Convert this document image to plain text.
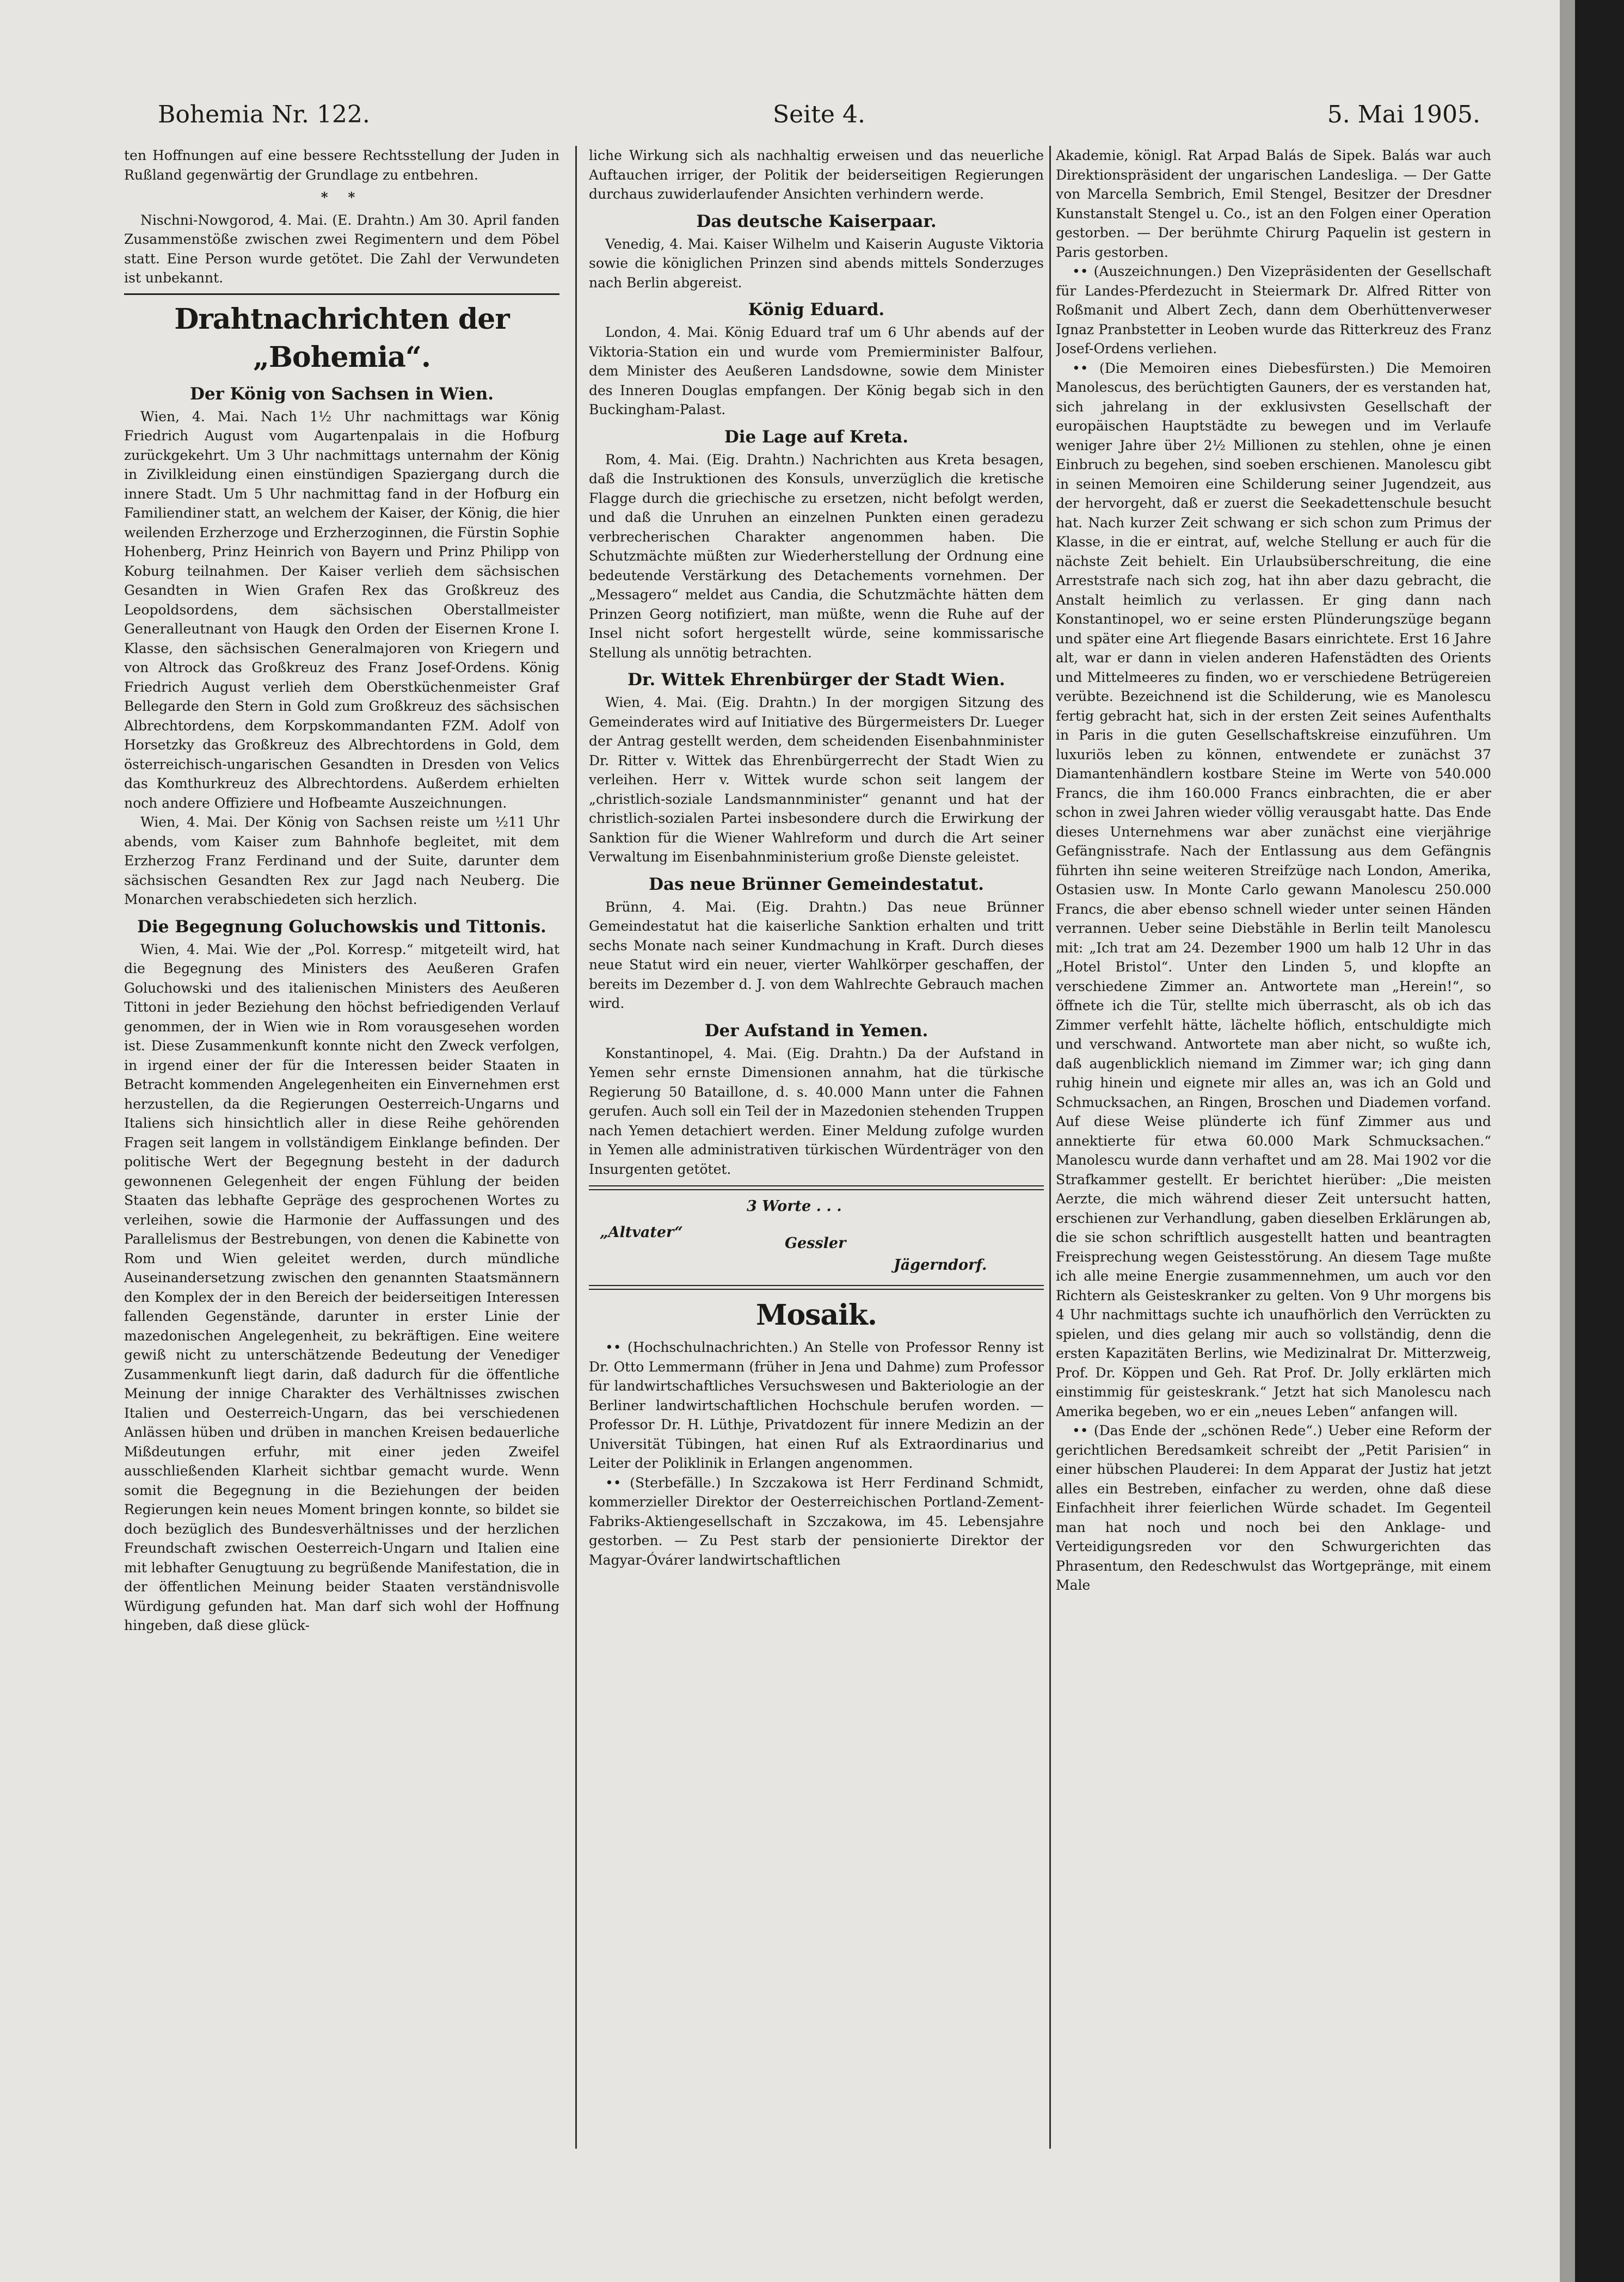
Bohemia Nr. 122.	Seite 4.	5. Mai 1905.

ten Hoffnungen auf eine bessere Rechtsstellung der Juden in Rußland gegenwärtig der Grundlage zu entbehren.

* *

Nischni-Nowgorod, 4. Mai. (E. Drahtn.) Am 30. April fanden Zusammenstöße zwischen zwei Regimentern und dem Pöbel statt. Eine Person wurde getötet. Die Zahl der Verwundeten ist unbekannt.

Drahtnachrichten der „Bohemia“.
Der König von Sachsen in Wien.

Wien, 4. Mai. Nach 1½ Uhr nachmittags war König Friedrich August vom Augartenpalais in die Hofburg zurückgekehrt. Um 3 Uhr nachmittags unternahm der König in Zivilkleidung einen einstündigen Spaziergang durch die innere Stadt. Um 5 Uhr nachmittag fand in der Hofburg ein Familiendiner statt, an welchem der Kaiser, der König, die hier weilenden Erzherzoge und Erzherzoginnen, die Fürstin Sophie Hohenberg, Prinz Heinrich von Bayern und Prinz Philipp von Koburg teilnahmen. Der Kaiser verlieh dem sächsischen Gesandten in Wien Grafen Rex das Großkreuz des Leopoldsordens, dem sächsischen Oberstallmeister Generalleutnant von Haugk den Orden der Eisernen Krone I. Klasse, den sächsischen Generalmajoren von Kriegern und von Altrock das Großkreuz des Franz Josef-Ordens. König Friedrich August verlieh dem Oberstküchenmeister Graf Bellegarde den Stern in Gold zum Großkreuz des sächsischen Albrechtordens, dem Korpskommandanten FZM. Adolf von Horsetzky das Großkreuz des Albrechtordens in Gold, dem österreichisch-ungarischen Gesandten in Dresden von Velics das Komthurkreuz des Albrechtordens. Außerdem erhielten noch andere Offiziere und Hofbeamte Auszeichnungen.

Wien, 4. Mai. Der König von Sachsen reiste um ½11 Uhr abends, vom Kaiser zum Bahnhofe begleitet, mit dem Erzherzog Franz Ferdinand und der Suite, darunter dem sächsischen Gesandten Rex zur Jagd nach Neuberg. Die Monarchen verabschiedeten sich herzlich.

Die Begegnung Goluchowskis und Tittonis.

Wien, 4. Mai. Wie der „Pol. Korresp.“ mitgeteilt wird, hat die Begegnung des Ministers des Aeußeren Grafen Goluchowski und des italienischen Ministers des Aeußeren Tittoni in jeder Beziehung den höchst befriedigenden Verlauf genommen, der in Wien wie in Rom vorausgesehen worden ist. Diese Zusammenkunft konnte nicht den Zweck verfolgen, in irgend einer der für die Interessen beider Staaten in Betracht kommenden Angelegenheiten ein Einvernehmen erst herzustellen, da die Regierungen Oesterreich-Ungarns und Italiens sich hinsichtlich aller in diese Reihe gehörenden Fragen seit langem in vollständigem Einklange befinden. Der politische Wert der Begegnung besteht in der dadurch gewonnenen Gelegenheit der engen Fühlung der beiden Staaten das lebhafte Gepräge des gesprochenen Wortes zu verleihen, sowie die Harmonie der Auffassungen und des Parallelismus der Bestrebungen, von denen die Kabinette von Rom und Wien geleitet werden, durch mündliche Auseinandersetzung zwischen den genannten Staatsmännern den Komplex der in den Bereich der beiderseitigen Interessen fallenden Gegenstände, darunter in erster Linie der mazedonischen Angelegenheit, zu bekräftigen. Eine weitere gewiß nicht zu unterschätzende Bedeutung der Venediger Zusammenkunft liegt darin, daß dadurch für die öffentliche Meinung der innige Charakter des Verhältnisses zwischen Italien und Oesterreich-Ungarn, das bei verschiedenen Anlässen hüben und drüben in manchen Kreisen bedauerliche Mißdeutungen erfuhr, mit einer jeden Zweifel ausschließenden Klarheit sichtbar gemacht wurde. Wenn somit die Begegnung in die Beziehungen der beiden Regierungen kein neues Moment bringen konnte, so bildet sie doch bezüglich des Bundesverhältnisses und der herzlichen Freundschaft zwischen Oesterreich-Ungarn und Italien eine mit lebhafter Genugtuung zu begrüßende Manifestation, die in der öffentlichen Meinung beider Staaten verständnisvolle Würdigung gefunden hat. Man darf sich wohl der Hoffnung hingeben, daß diese glück-

liche Wirkung sich als nachhaltig erweisen und das neuerliche Auftauchen irriger, der Politik der beiderseitigen Regierungen durchaus zuwiderlaufender Ansichten verhindern werde.

Das deutsche Kaiserpaar.

Venedig, 4. Mai. Kaiser Wilhelm und Kaiserin Auguste Viktoria sowie die königlichen Prinzen sind abends mittels Sonderzuges nach Berlin abgereist.

König Eduard.

London, 4. Mai. König Eduard traf um 6 Uhr abends auf der Viktoria-Station ein und wurde vom Premierminister Balfour, dem Minister des Aeußeren Landsdowne, sowie dem Minister des Inneren Douglas empfangen. Der König begab sich in den Buckingham-Palast.

Die Lage auf Kreta.

Rom, 4. Mai. (Eig. Drahtn.) Nachrichten aus Kreta besagen, daß die Instruktionen des Konsuls, unverzüglich die kretische Flagge durch die griechische zu ersetzen, nicht befolgt werden, und daß die Unruhen an einzelnen Punkten einen geradezu verbrecherischen Charakter angenommen haben. Die Schutzmächte müßten zur Wiederherstellung der Ordnung eine bedeutende Verstärkung des Detachements vornehmen. Der „Messagero“ meldet aus Candia, die Schutzmächte hätten dem Prinzen Georg notifiziert, man müßte, wenn die Ruhe auf der Insel nicht sofort hergestellt würde, seine kommissarische Stellung als unnötig betrachten.

Dr. Wittek Ehrenbürger der Stadt Wien.

Wien, 4. Mai. (Eig. Drahtn.) In der morgigen Sitzung des Gemeinderates wird auf Initiative des Bürgermeisters Dr. Lueger der Antrag gestellt werden, dem scheidenden Eisenbahnminister Dr. Ritter v. Wittek das Ehrenbürgerrecht der Stadt Wien zu verleihen. Herr v. Wittek wurde schon seit langem der „christlich-soziale Landsmannminister“ genannt und hat der christlich-sozialen Partei insbesondere durch die Erwirkung der Sanktion für die Wiener Wahlreform und durch die Art seiner Verwaltung im Eisenbahnministerium große Dienste geleistet.

Das neue Brünner Gemeindestatut.

Brünn, 4. Mai. (Eig. Drahtn.) Das neue Brünner Gemeindestatut hat die kaiserliche Sanktion erhalten und tritt sechs Monate nach seiner Kundmachung in Kraft. Durch dieses neue Statut wird ein neuer, vierter Wahlkörper geschaffen, der bereits im Dezember d. J. von dem Wahlrechte Gebrauch machen wird.

Der Aufstand in Yemen.

Konstantinopel, 4. Mai. (Eig. Drahtn.) Da der Aufstand in Yemen sehr ernste Dimensionen annahm, hat die türkische Regierung 50 Bataillone, d. s. 40.000 Mann unter die Fahnen gerufen. Auch soll ein Teil der in Mazedonien stehenden Truppen nach Yemen detachiert werden. Einer Meldung zufolge wurden in Yemen alle administrativen türkischen Würdenträger von den Insurgenten getötet.

3 Worte . . .
„Altvater“
Gessler
Jägerndorf.
Mosaik.

•• (Hochschulnachrichten.) An Stelle von Professor Renny ist Dr. Otto Lemmermann (früher in Jena und Dahme) zum Professor für landwirtschaftliches Versuchswesen und Bakteriologie an der Berliner landwirtschaftlichen Hochschule berufen worden. — Professor Dr. H. Lüthje, Privatdozent für innere Medizin an der Universität Tübingen, hat einen Ruf als Extraordinarius und Leiter der Poliklinik in Erlangen angenommen.

•• (Sterbefälle.) In Szczakowa ist Herr Ferdinand Schmidt, kommerzieller Direktor der Oesterreichischen Portland-Zement-Fabriks-Aktiengesellschaft in Szczakowa, im 45. Lebensjahre gestorben. — Zu Pest starb der pensionierte Direktor der Magyar-Óvárer landwirtschaftlichen

Akademie, königl. Rat Arpad Balás de Sipek. Balás war auch Direktionspräsident der ungarischen Landesliga. — Der Gatte von Marcella Sembrich, Emil Stengel, Besitzer der Dresdner Kunstanstalt Stengel u. Co., ist an den Folgen einer Operation gestorben. — Der berühmte Chirurg Paquelin ist gestern in Paris gestorben.

•• (Auszeichnungen.) Den Vizepräsidenten der Gesellschaft für Landes-Pferdezucht in Steiermark Dr. Alfred Ritter von Roßmanit und Albert Zech, dann dem Oberhüttenverweser Ignaz Pranbstetter in Leoben wurde das Ritterkreuz des Franz Josef-Ordens verliehen.

•• (Die Memoiren eines Diebesfürsten.) Die Memoiren Manolescus, des berüchtigten Gauners, der es verstanden hat, sich jahrelang in der exklusivsten Gesellschaft der europäischen Hauptstädte zu bewegen und im Verlaufe weniger Jahre über 2½ Millionen zu stehlen, ohne je einen Einbruch zu begehen, sind soeben erschienen. Manolescu gibt in seinen Memoiren eine Schilderung seiner Jugendzeit, aus der hervorgeht, daß er zuerst die Seekadettenschule besucht hat. Nach kurzer Zeit schwang er sich schon zum Primus der Klasse, in die er eintrat, auf, welche Stellung er auch für die nächste Zeit behielt. Ein Urlaubsüberschreitung, die eine Arreststrafe nach sich zog, hat ihn aber dazu gebracht, die Anstalt heimlich zu verlassen. Er ging dann nach Konstantinopel, wo er seine ersten Plünderungszüge begann und später eine Art fliegende Basars einrichtete. Erst 16 Jahre alt, war er dann in vielen anderen Hafenstädten des Orients und Mittelmeeres zu finden, wo er verschiedene Betrügereien verübte. Bezeichnend ist die Schilderung, wie es Manolescu fertig gebracht hat, sich in der ersten Zeit seines Aufenthalts in Paris in die guten Gesellschaftskreise einzuführen. Um luxuriös leben zu können, entwendete er zunächst 37 Diamantenhändlern kostbare Steine im Werte von 540.000 Francs, die ihm 160.000 Francs einbrachten, die er aber schon in zwei Jahren wieder völlig verausgabt hatte. Das Ende dieses Unternehmens war aber zunächst eine vierjährige Gefängnisstrafe. Nach der Entlassung aus dem Gefängnis führten ihn seine weiteren Streifzüge nach London, Amerika, Ostasien usw. In Monte Carlo gewann Manolescu 250.000 Francs, die aber ebenso schnell wieder unter seinen Händen verrannen. Ueber seine Diebstähle in Berlin teilt Manolescu mit: „Ich trat am 24. Dezember 1900 um halb 12 Uhr in das „Hotel Bristol“. Unter den Linden 5, und klopfte an verschiedene Zimmer an. Antwortete man „Herein!“, so öffnete ich die Tür, stellte mich überrascht, als ob ich das Zimmer verfehlt hätte, lächelte höflich, entschuldigte mich und verschwand. Antwortete man aber nicht, so wußte ich, daß augenblicklich niemand im Zimmer war; ich ging dann ruhig hinein und eignete mir alles an, was ich an Gold und Schmucksachen, an Ringen, Broschen und Diademen vorfand. Auf diese Weise plünderte ich fünf Zimmer aus und annektierte für etwa 60.000 Mark Schmucksachen.“ Manolescu wurde dann verhaftet und am 28. Mai 1902 vor die Strafkammer gestellt. Er berichtet hierüber: „Die meisten Aerzte, die mich während dieser Zeit untersucht hatten, erschienen zur Verhandlung, gaben dieselben Erklärungen ab, die sie schon schriftlich ausgestellt hatten und beantragten Freisprechung wegen Geistesstörung. An diesem Tage mußte ich alle meine Energie zusammennehmen, um auch vor den Richtern als Geisteskranker zu gelten. Von 9 Uhr morgens bis 4 Uhr nachmittags suchte ich unaufhörlich den Verrückten zu spielen, und dies gelang mir auch so vollständig, denn die ersten Kapazitäten Berlins, wie Medizinalrat Dr. Mitterzweig, Prof. Dr. Köppen und Geh. Rat Prof. Dr. Jolly erklärten mich einstimmig für geisteskrank.“ Jetzt hat sich Manolescu nach Amerika begeben, wo er ein „neues Leben“ anfangen will.

•• (Das Ende der „schönen Rede“.) Ueber eine Reform der gerichtlichen Beredsamkeit schreibt der „Petit Parisien“ in einer hübschen Plauderei: In dem Apparat der Justiz hat jetzt alles ein Bestreben, einfacher zu werden, ohne daß diese Einfachheit ihrer feierlichen Würde schadet. Im Gegenteil man hat noch und noch bei den Anklage- und Verteidigungsreden vor den Schwurgerichten das Phrasentum, den Redeschwulst das Wortgepränge, mit einem Male
